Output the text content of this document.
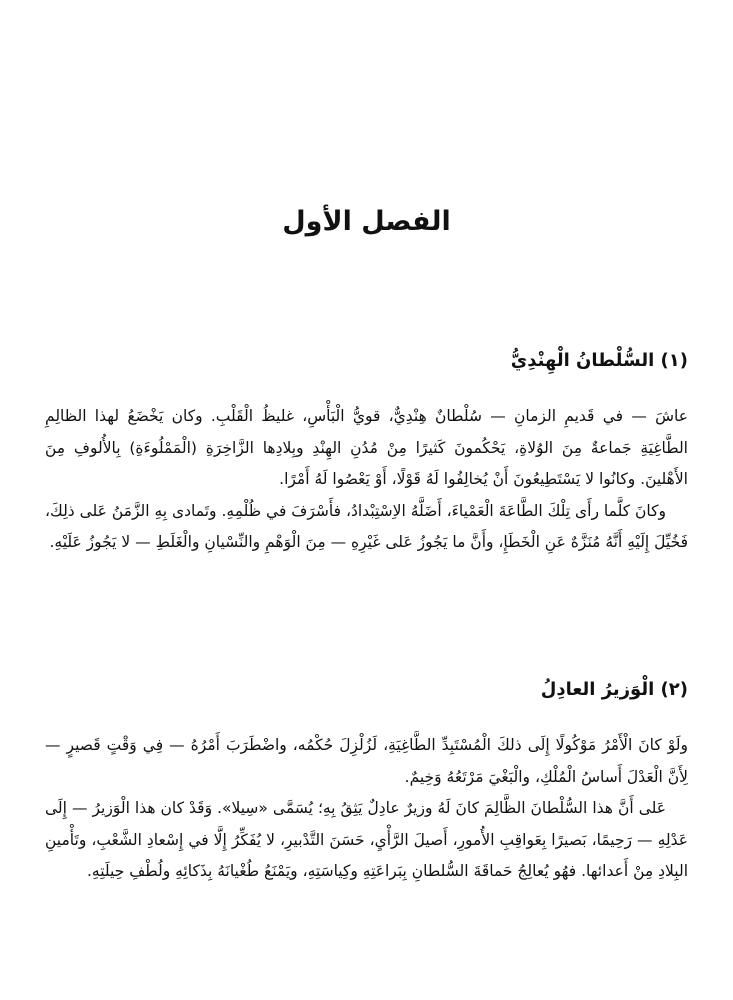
الفصل الأول
(١) السُّلْطانُ الْهِنْدِيُّ

عاشَ — في قَديمِ الزمانِ — سُلْطانٌ هِنْدِيٌّ، قويُّ الْبَأْسِ، غليظُ الْقَلْبِ. وكان يَخْضَعُ لهذا الظالِمِ الطَّاغِيَةِ جَماعةٌ مِنَ الوُلاةِ، يَحْكُمونَ كَثيرًا مِنْ مُدُنِ الهِنْدِ وبِلادِها الزَّاخِرَةِ (الْمَمْلُوءَةِ) بِالأُلوفِ مِنَ الأَهْلينَ. وكانُوا لا يَسْتَطِيعُونَ أَنْ يُخالِفُوا لَهُ قَوْلًا، أَوْ يَعْصُوا لَهُ أَمْرًا.

وكانَ كلَّما رأَى تِلْكَ الطَّاعَةَ الْعَمْياءَ، أَضَلَّهُ الاِسْتِبْدادُ، فأَسْرَفَ في ظُلْمِهِ. وتَمادى بِهِ الزَّمَنُ عَلى ذلِكَ، فَخُيِّلَ إِلَيْهِ أَنَّهُ مُنَزَّهٌ عَنِ الْخَطَإِ، وأَنَّ ما يَجُوزُ عَلى غَيْرِهِ — مِنَ الْوَهْمِ والنِّسْيانِ والْغَلَطِ — لا يَجُوزُ عَلَيْهِ.

(٢) الْوَزيرُ العادِلُ

ولَوْ كانَ الْأَمْرُ مَوْكُولًا إِلَى ذلكَ الْمُسْتَبِدِّ الطَّاغِيَةِ، لَزُلْزِلَ حُكْمُه، واضْطَرَبَ أَمْرُهُ — فِي وَقْتٍ قَصيرٍ — لِأَنَّ الْعَدْلَ أَساسُ الْمُلْكِ، والْبَغْيَ مَرْتَعُهُ وَخِيمٌ.

عَلى أَنَّ هذا السُّلْطانَ الظَّالِمَ كانَ لَهُ وزيرٌ عادِلٌ يَثِقُ بِهِ؛ يُسَمَّى «سِيلا». وَقَدْ كان هذا الْوَزيرُ — إِلَى عَدْلِهِ — رَحِيمًا، بَصيرًا بِعَواقِبِ الأُمورِ، أَصيلَ الرَّأْيِ، حَسَنَ التَّدْبيرِ، لا يُفَكِّرُ إِلَّا في إِسْعادِ الشَّعْبِ، وتَأْمينِ البِلادِ مِنْ أَعدائها. فهُو يُعالِجُ حَماقَةَ السُّلطانِ بِبَراعَتِهِ وكِياسَتِهِ، ويَمْنَعُ طُغْيانَهُ بِذَكائِهِ ولُطْفِ حِيلَتِهِ.
